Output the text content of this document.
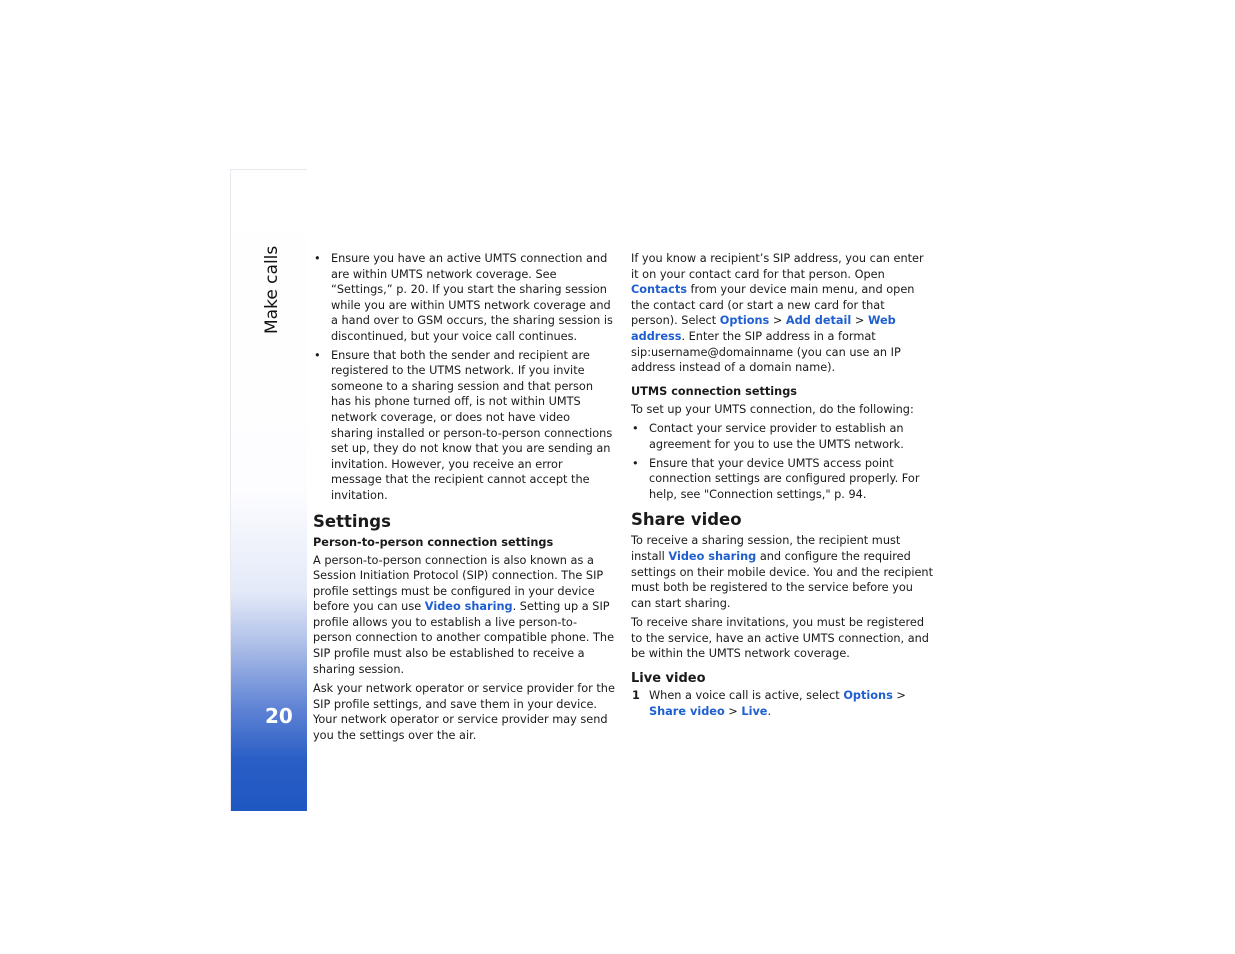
Make calls
20
• Ensure you have an active UMTS connection and are within UMTS network coverage. See “Settings,” p. 20. If you start the sharing session while you are within UMTS network coverage and a hand over to GSM occurs, the sharing session is discontinued, but your voice call continues.
• Ensure that both the sender and recipient are registered to the UTMS network. If you invite someone to a sharing session and that person has his phone turned off, is not within UMTS network coverage, or does not have video sharing installed or person-to-person connections set up, they do not know that you are sending an invitation. However, you receive an error message that the recipient cannot accept the invitation.
Settings
Person-to-person connection settings

A person-to-person connection is also known as a Session Initiation Protocol (SIP) connection. The SIP profile settings must be configured in your device before you can use Video sharing. Setting up a SIP profile allows you to establish a live person-to-person connection to another compatible phone. The SIP profile must also be established to receive a sharing session.

Ask your network operator or service provider for the SIP profile settings, and save them in your device. Your network operator or service provider may send you the settings over the air.

If you know a recipient’s SIP address, you can enter it on your contact card for that person. Open Contacts from your device main menu, and open the contact card (or start a new card for that person). Select Options > Add detail > Web address. Enter the SIP address in a format sip:username@domainname (you can use an IP address instead of a domain name).

UTMS connection settings

To set up your UMTS connection, do the following:

• Contact your service provider to establish an agreement for you to use the UMTS network.
• Ensure that your device UMTS access point connection settings are configured properly. For help, see "Connection settings," p. 94.
Share video

To receive a sharing session, the recipient must install Video sharing and configure the required settings on their mobile device. You and the recipient must both be registered to the service before you can start sharing.

To receive share invitations, you must be registered to the service, have an active UMTS connection, and be within the UMTS network coverage.

Live video
1 When a voice call is active, select Options > Share video > Live.
